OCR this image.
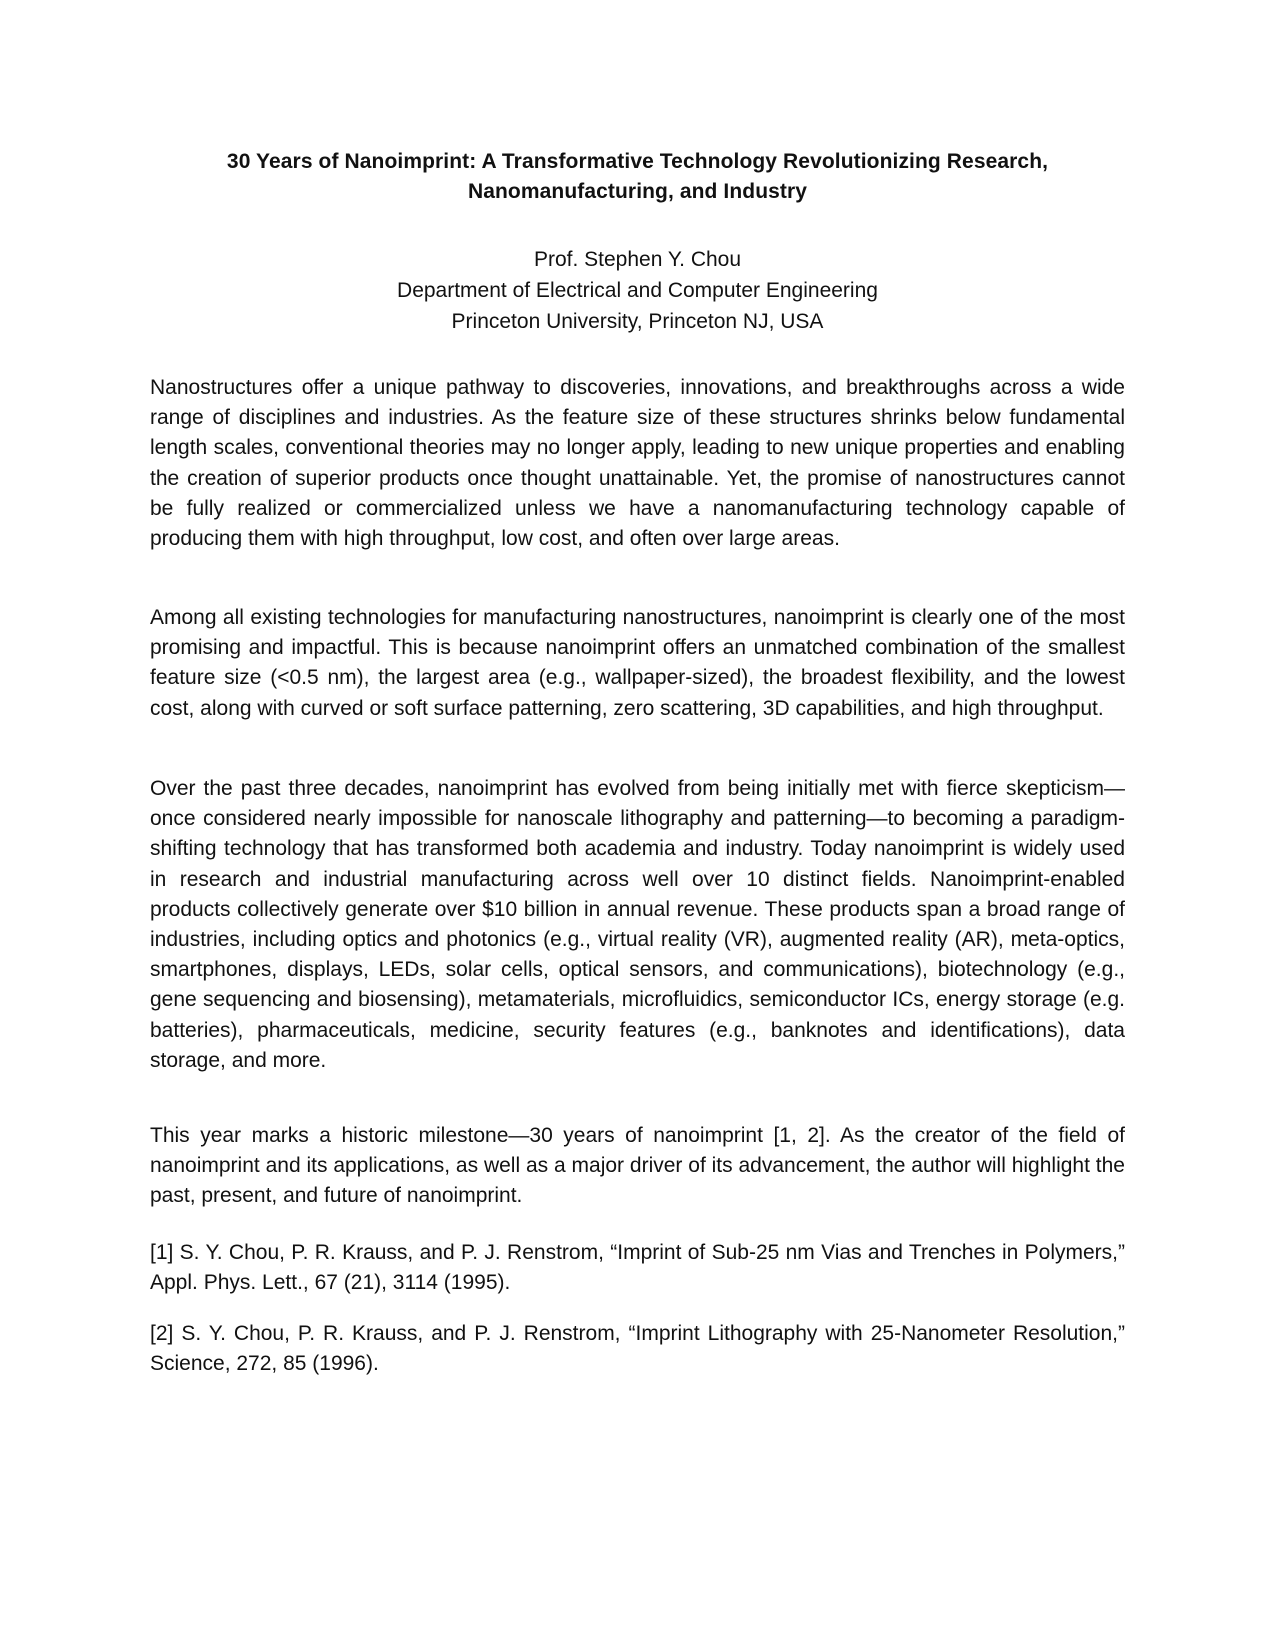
30 Years of Nanoimprint: A Transformative Technology Revolutionizing Research,
Nanomanufacturing, and Industry
Prof. Stephen Y. Chou
Department of Electrical and Computer Engineering
Princeton University, Princeton NJ, USA

Nanostructures offer a unique pathway to discoveries, innovations, and breakthroughs across a wide range of disciplines and industries. As the feature size of these structures shrinks below fundamental length scales, conventional theories may no longer apply, leading to new unique properties and enabling the creation of superior products once thought unattainable. Yet, the promise of nanostructures cannot be fully realized or commercialized unless we have a nanomanufacturing technology capable of producing them with high throughput, low cost, and often over large areas.

Among all existing technologies for manufacturing nanostructures, nanoimprint is clearly one of the most promising and impactful. This is because nanoimprint offers an unmatched combination of the smallest feature size (<0.5 nm), the largest area (e.g., wallpaper-sized), the broadest flexibility, and the lowest cost, along with curved or soft surface patterning, zero scattering, 3D capabilities, and high throughput.

Over the past three decades, nanoimprint has evolved from being initially met with fierce skepticism—once considered nearly impossible for nanoscale lithography and patterning—to becoming a paradigm-shifting technology that has transformed both academia and industry. Today nanoimprint is widely used in research and industrial manufacturing across well over 10 distinct fields. Nanoimprint-enabled products collectively generate over $10 billion in annual revenue. These products span a broad range of industries, including optics and photonics (e.g., virtual reality (VR), augmented reality (AR), meta-optics, smartphones, displays, LEDs, solar cells, optical sensors, and communications), biotechnology (e.g., gene sequencing and biosensing), metamaterials, microfluidics, semiconductor ICs, energy storage (e.g. batteries), pharmaceuticals, medicine, security features (e.g., banknotes and identifications), data storage, and more.

This year marks a historic milestone—30 years of nanoimprint [1, 2]. As the creator of the field of nanoimprint and its applications, as well as a major driver of its advancement, the author will highlight the past, present, and future of nanoimprint.

[1] S. Y. Chou, P. R. Krauss, and P. J. Renstrom, “Imprint of Sub-25 nm Vias and Trenches in Polymers,” Appl. Phys. Lett., 67 (21), 3114 (1995).

[2] S. Y. Chou, P. R. Krauss, and P. J. Renstrom, “Imprint Lithography with 25-Nanometer Resolution,” Science, 272, 85 (1996).
